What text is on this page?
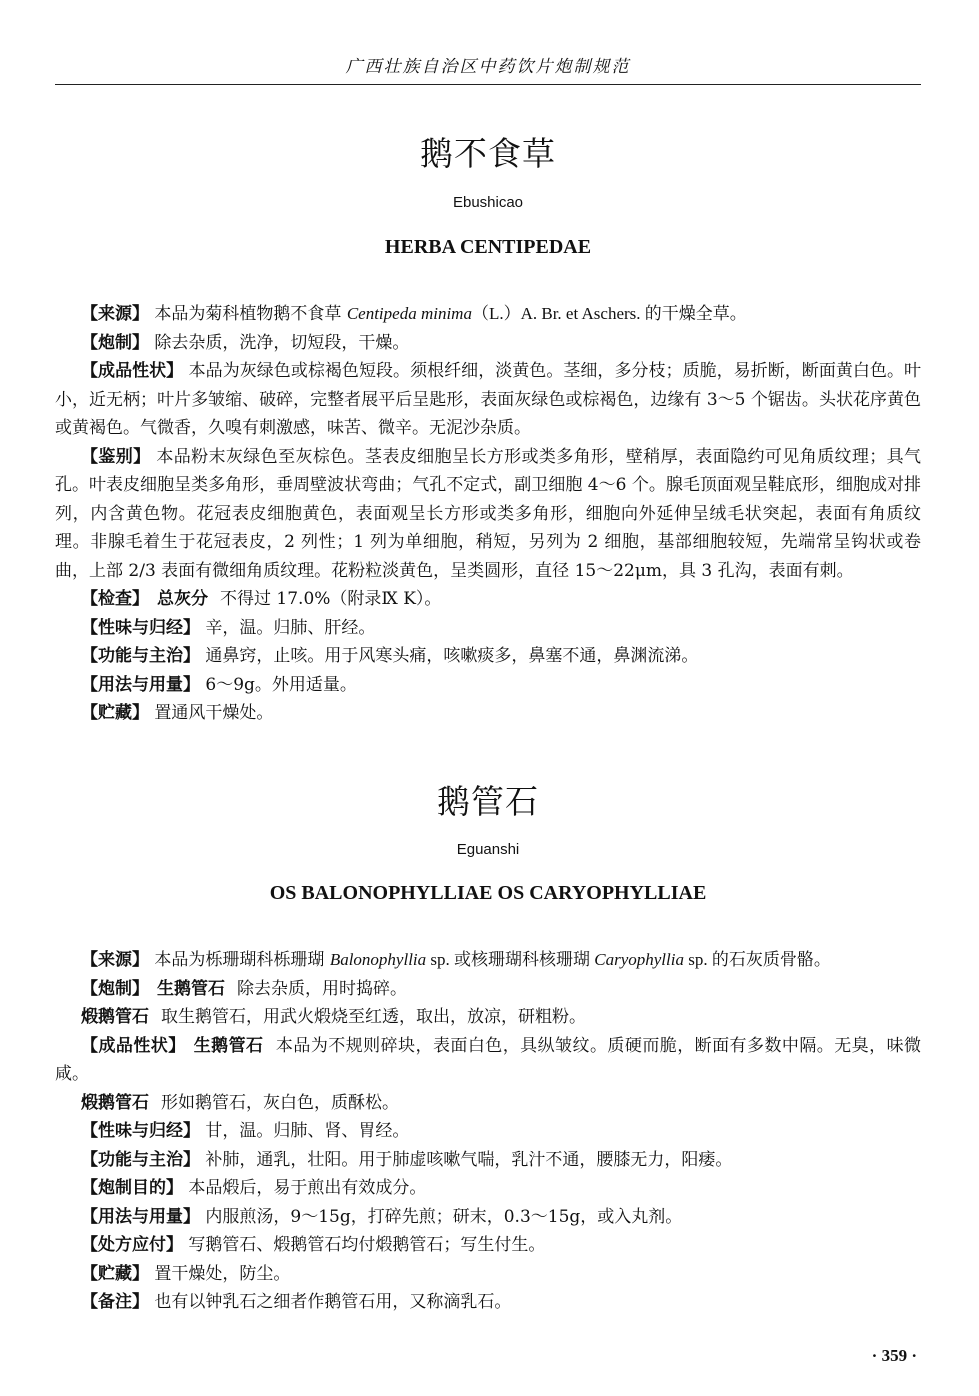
广西壮族自治区中药饮片炮制规范
鹅不食草
Ebushicao
HERBA CENTIPEDAE

【来源】 本品为菊科植物鹅不食草 Centipeda minima（L.）A. Br. et Aschers. 的干燥全草。

【炮制】 除去杂质，洗净，切短段，干燥。

【成品性状】 本品为灰绿色或棕褐色短段。须根纤细，淡黄色。茎细，多分枝；质脆，易折断，断面黄白色。叶小，近无柄；叶片多皱缩、破碎，完整者展平后呈匙形，表面灰绿色或棕褐色，边缘有 3～5 个锯齿。头状花序黄色或黄褐色。气微香，久嗅有刺激感，味苦、微辛。无泥沙杂质。

【鉴别】 本品粉末灰绿色至灰棕色。茎表皮细胞呈长方形或类多角形，壁稍厚，表面隐约可见角质纹理；具气孔。叶表皮细胞呈类多角形，垂周壁波状弯曲；气孔不定式，副卫细胞 4～6 个。腺毛顶面观呈鞋底形，细胞成对排列，内含黄色物。花冠表皮细胞黄色，表面观呈长方形或类多角形，细胞向外延伸呈绒毛状突起，表面有角质纹理。非腺毛着生于花冠表皮，2 列性；1 列为单细胞，稍短，另列为 2 细胞，基部细胞较短，先端常呈钩状或卷曲，上部 2/3 表面有微细角质纹理。花粉粒淡黄色，呈类圆形，直径 15～22μm，具 3 孔沟，表面有刺。

【检查】 总灰分 不得过 17.0%（附录Ⅸ K）。

【性味与归经】 辛，温。归肺、肝经。

【功能与主治】 通鼻窍，止咳。用于风寒头痛，咳嗽痰多，鼻塞不通，鼻渊流涕。

【用法与用量】 6～9g。外用适量。

【贮藏】 置通风干燥处。

鹅管石
Eguanshi
OS BALONOPHYLLIAE OS CARYOPHYLLIAE

【来源】 本品为栎珊瑚科栎珊瑚 Balonophyllia sp. 或核珊瑚科核珊瑚 Caryophyllia sp. 的石灰质骨骼。

【炮制】 生鹅管石 除去杂质，用时捣碎。

煅鹅管石 取生鹅管石，用武火煅烧至红透，取出，放凉，研粗粉。

【成品性状】 生鹅管石 本品为不规则碎块，表面白色，具纵皱纹。质硬而脆，断面有多数中隔。无臭，味微咸。

煅鹅管石 形如鹅管石，灰白色，质酥松。

【性味与归经】 甘，温。归肺、肾、胃经。

【功能与主治】 补肺，通乳，壮阳。用于肺虚咳嗽气喘，乳汁不通，腰膝无力，阳痿。

【炮制目的】 本品煅后，易于煎出有效成分。

【用法与用量】 内服煎汤，9～15g，打碎先煎；研末，0.3～15g，或入丸剂。

【处方应付】 写鹅管石、煅鹅管石均付煅鹅管石；写生付生。

【贮藏】 置干燥处，防尘。

【备注】 也有以钟乳石之细者作鹅管石用，又称滴乳石。

· 359 ·
